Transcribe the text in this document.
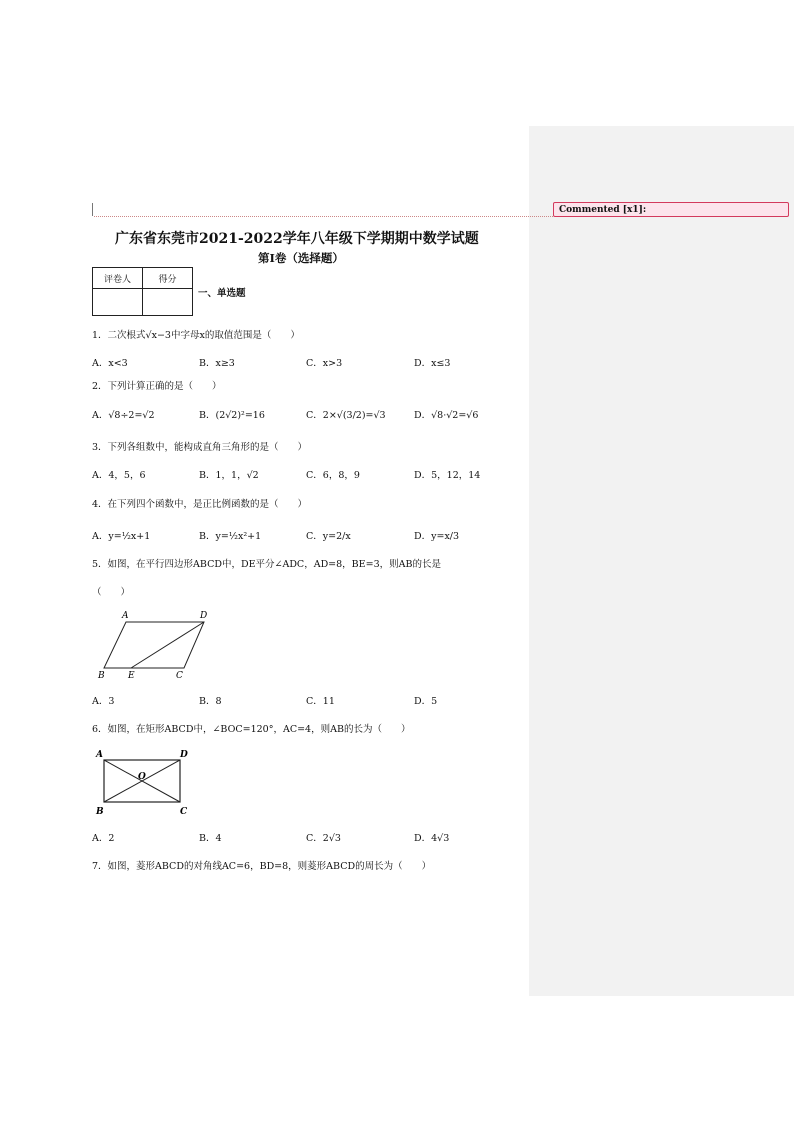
Commented [x1]:
广东省东莞市2021-2022学年八年级下学期期中数学试题
第I卷（选择题）
评卷人	得分

一、单选题
1．二次根式√x−3中字母x的取值范围是（　　）
A．x<3	B．x≥3	C．x>3	D．x≤3
2．下列计算正确的是（　　）
A．√8÷2=√2	B．(2√2)²=16	C．2×√(3/2)=√3	D．√8·√2=√6
3．下列各组数中，能构成直角三角形的是（　　）
A．4，5，6	B．1，1，√2	C．6，8，9	D．5，12，14
4．在下列四个函数中，是正比例函数的是（　　）
A．y=½x+1	B．y=½x²+1	C．y=2/x	D．y=x/3
5．如图，在平行四边形ABCD中，DE平分∠ADC，AD=8，BE=3，则AB的长是
（　　）
A	D
B	E	C
A．3	B．8	C．11	D．5
6．如图，在矩形ABCD中，∠BOC=120°，AC=4，则AB的长为（　　）
A	D
B	C
O
A．2	B．4	C．2√3	D．4√3
7．如图，菱形ABCD的对角线AC=6，BD=8，则菱形ABCD的周长为（　　）
